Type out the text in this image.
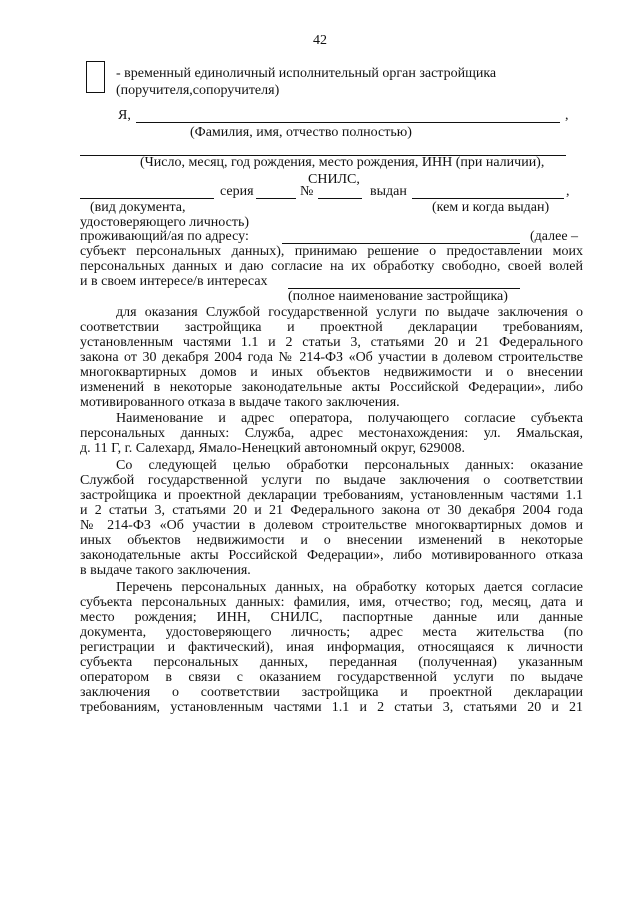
42
- временный единоличный исполнительный орган застройщика
(поручителя,сопоручителя)
Я,	,
(Фамилия, имя, отчество полностью)
(Число, месяц, год рождения, место рождения, ИНН (при наличии),
СНИЛС,
серия	№	выдан	,
(вид документа,	(кем и когда выдан)
удостоверяющего личность)
проживающий/ая по адресу:	(далее –
субъект персональных данных), принимаю решение о предоставлении моих
персональных данных и даю согласие на их обработку свободно, своей волей
и в своем интересе/в интересах
(полное наименование застройщика)
для оказания Службой государственной услуги по выдаче заключения о
соответствии застройщика и проектной декларации требованиям,
установленным частями 1.1 и 2 статьи 3, статьями 20 и 21 Федерального
закона от 30 декабря 2004 года № 214-ФЗ «Об участии в долевом строительстве
многоквартирных домов и иных объектов недвижимости и о внесении
изменений в некоторые законодательные акты Российской Федерации», либо
мотивированного отказа в выдаче такого заключения.
Наименование и адрес оператора, получающего согласие субъекта
персональных данных: Служба, адрес местонахождения: ул. Ямальская,
д. 11 Г, г. Салехард, Ямало-Ненецкий автономный округ, 629008.
Со следующей целью обработки персональных данных: оказание
Службой государственной услуги по выдаче заключения о соответствии
застройщика и проектной декларации требованиям, установленным частями 1.1
и 2 статьи 3, статьями 20 и 21 Федерального закона от 30 декабря 2004 года
№ 214-ФЗ «Об участии в долевом строительстве многоквартирных домов и
иных объектов недвижимости и о внесении изменений в некоторые
законодательные акты Российской Федерации», либо мотивированного отказа
в выдаче такого заключения.
Перечень персональных данных, на обработку которых дается согласие
субъекта персональных данных: фамилия, имя, отчество; год, месяц, дата и
место рождения; ИНН, СНИЛС, паспортные данные или данные
документа, удостоверяющего личность; адрес места жительства (по
регистрации и фактический), иная информация, относящаяся к личности
субъекта персональных данных, переданная (полученная) указанным
оператором в связи с оказанием государственной услуги по выдаче
заключения о соответствии застройщика и проектной декларации
требованиям, установленным частями 1.1 и 2 статьи 3, статьями 20 и 21
